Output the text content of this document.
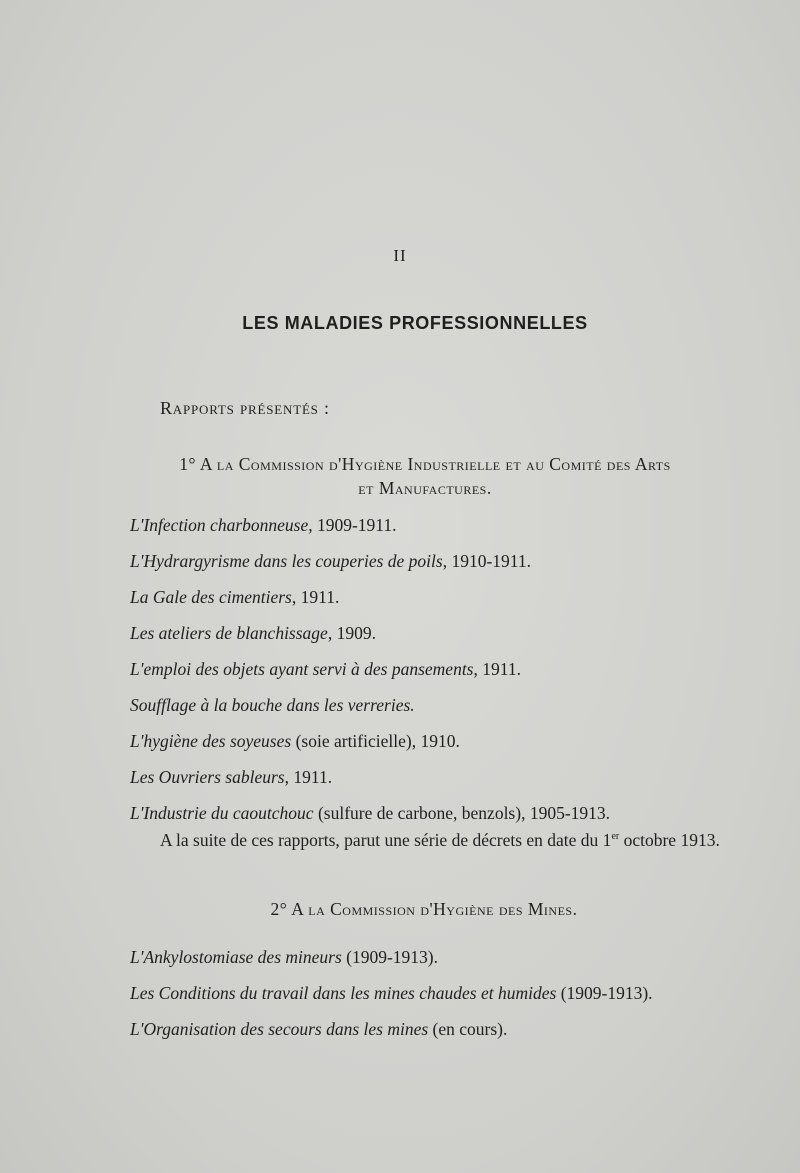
II
LES MALADIES PROFESSIONNELLES
Rapports présentés :
1° A la Commission d'Hygiène Industrielle et au Comité des Arts
et Manufactures.
L'Infection charbonneuse, 1909-1911.
L'Hydrargyrisme dans les couperies de poils, 1910-1911.
La Gale des cimentiers, 1911.
Les ateliers de blanchissage, 1909.
L'emploi des objets ayant servi à des pansements, 1911.
Soufflage à la bouche dans les verreries.
L'hygiène des soyeuses (soie artificielle), 1910.
Les Ouvriers sableurs, 1911.
L'Industrie du caoutchouc (sulfure de carbone, benzols), 1905-1913.
A la suite de ces rapports, parut une série de décrets en date du 1er octobre 1913.
2° A la Commission d'Hygiène des Mines.
L'Ankylostomiase des mineurs (1909-1913).
Les Conditions du travail dans les mines chaudes et humides (1909-1913).
L'Organisation des secours dans les mines (en cours).
